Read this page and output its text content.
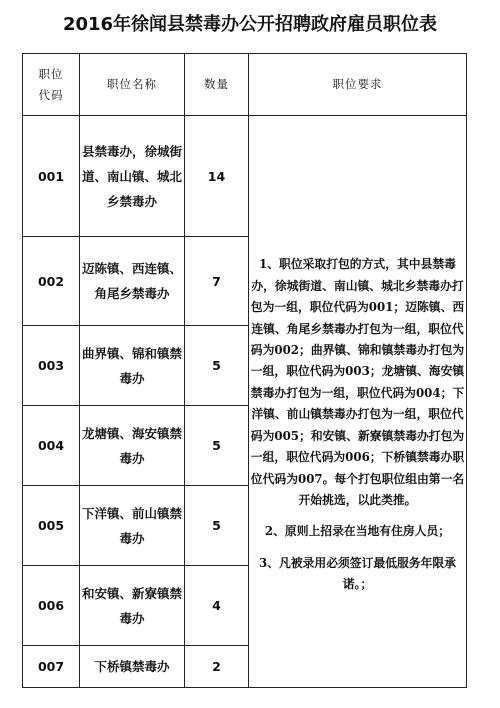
2016年徐闻县禁毒办公开招聘政府雇员职位表
职位代码	职位名称	数量	职位要求
001	县禁毒办，徐城街道、南山镇、城北乡禁毒办	14	1、职位采取打包的方式，其中县禁毒办，徐城街道、南山镇、城北乡禁毒办打包为一组，职位代码为001；迈陈镇、西连镇、角尾乡禁毒办打包为一组，职位代码为002；曲界镇、锦和镇禁毒办打包为一组，职位代码为003；龙塘镇、海安镇禁毒办打包为一组，职位代码为004；下洋镇、前山镇禁毒办打包为一组，职位代码为005；和安镇、新寮镇禁毒办打包为一组，职位代码为006；下桥镇禁毒办职位代码为007。每个打包职位组由第一名开始挑选，以此类推。

2、原则上招录在当地有住房人员；

3、凡被录用必须签订最低服务年限承诺。；

002	迈陈镇、西连镇、角尾乡禁毒办	7	
003	曲界镇、锦和镇禁毒办	5	
004	龙塘镇、海安镇禁毒办	5	
005	下洋镇、前山镇禁毒办	5	
006	和安镇、新寮镇禁毒办	4	
007	下桥镇禁毒办	2	
